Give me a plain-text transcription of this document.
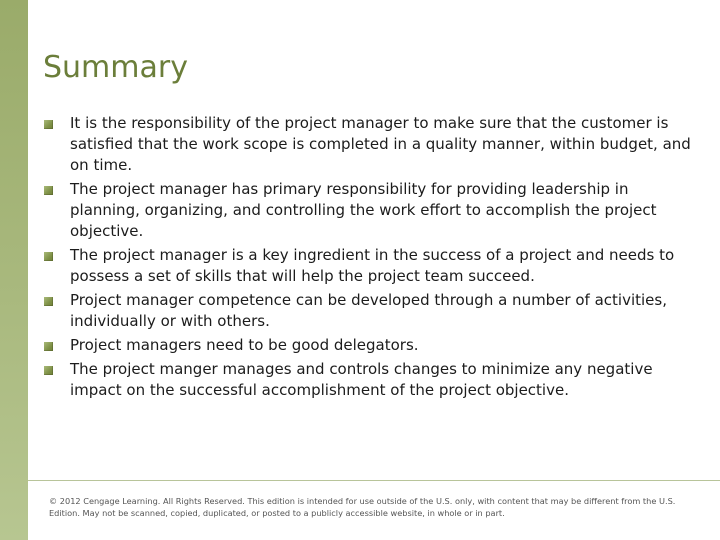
Summary
It is the responsibility of the project manager to make sure that the customer is satisfied that the work scope is completed in a quality manner, within budget, and on time.
The project manager has primary responsibility for providing leadership in planning, organizing, and controlling the work effort to accomplish the project objective.
The project manager is a key ingredient in the success of a project and needs to possess a set of skills that will help the project team succeed.
Project manager competence can be developed through a number of activities, individually or with others.
Project managers need to be good delegators.
The project manger manages and controls changes to minimize any negative impact on the successful accomplishment of the project objective.
© 2012 Cengage Learning. All Rights Reserved. This edition is intended for use outside of the U.S. only, with content that may be different from the U.S. Edition. May not be scanned, copied, duplicated, or posted to a publicly accessible website, in whole or in part.
